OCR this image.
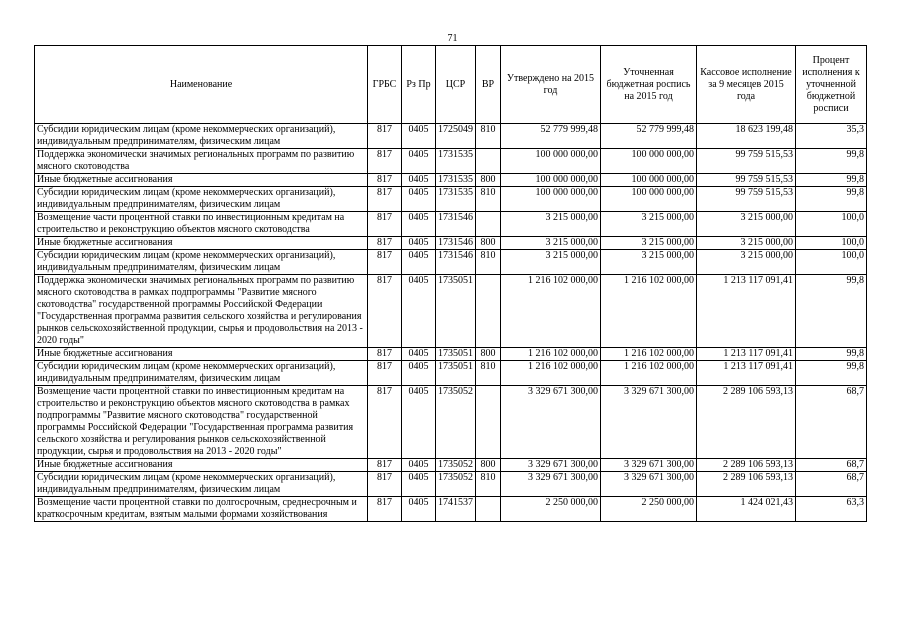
71
Наименование	ГРБС	Рз Пр	ЦСР	ВР	Утверждено на 2015 год	Уточненная бюджетная роспись на 2015 год	Кассовое исполнение за 9 месяцев 2015 года	Процент исполнения к уточненной бюджетной росписи
Субсидии юридическим лицам (кроме некоммерческих организаций), индивидуальным предпринимателям, физическим лицам	817	0405	1725049	810	52 779 999,48	52 779 999,48	18 623 199,48	35,3
Поддержка экономически значимых региональных программ по развитию мясного скотоводства	817	0405	1731535		100 000 000,00	100 000 000,00	99 759 515,53	99,8
Иные бюджетные ассигнования	817	0405	1731535	800	100 000 000,00	100 000 000,00	99 759 515,53	99,8
Субсидии юридическим лицам (кроме некоммерческих организаций), индивидуальным предпринимателям, физическим лицам	817	0405	1731535	810	100 000 000,00	100 000 000,00	99 759 515,53	99,8
Возмещение части процентной ставки по инвестиционным кредитам на строительство и реконструкцию объектов мясного скотоводства	817	0405	1731546		3 215 000,00	3 215 000,00	3 215 000,00	100,0
Иные бюджетные ассигнования	817	0405	1731546	800	3 215 000,00	3 215 000,00	3 215 000,00	100,0
Субсидии юридическим лицам (кроме некоммерческих организаций), индивидуальным предпринимателям, физическим лицам	817	0405	1731546	810	3 215 000,00	3 215 000,00	3 215 000,00	100,0
Поддержка экономически значимых региональных программ по развитию мясного скотоводства в рамках подпрограммы "Развитие мясного скотоводства" государственной программы Российской Федерации "Государственная программа развития сельского хозяйства и регулирования рынков сельскохозяйственной продукции, сырья и продовольствия на 2013 - 2020 годы"	817	0405	1735051		1 216 102 000,00	1 216 102 000,00	1 213 117 091,41	99,8
Иные бюджетные ассигнования	817	0405	1735051	800	1 216 102 000,00	1 216 102 000,00	1 213 117 091,41	99,8
Субсидии юридическим лицам (кроме некоммерческих организаций), индивидуальным предпринимателям, физическим лицам	817	0405	1735051	810	1 216 102 000,00	1 216 102 000,00	1 213 117 091,41	99,8
Возмещение части процентной ставки по инвестиционным кредитам на строительство и реконструкцию объектов мясного скотоводства в рамках подпрограммы "Развитие мясного скотоводства" государственной программы Российской Федерации "Государственная программа развития сельского хозяйства и регулирования рынков сельскохозяйственной продукции, сырья и продовольствия на 2013 - 2020 годы"	817	0405	1735052		3 329 671 300,00	3 329 671 300,00	2 289 106 593,13	68,7
Иные бюджетные ассигнования	817	0405	1735052	800	3 329 671 300,00	3 329 671 300,00	2 289 106 593,13	68,7
Субсидии юридическим лицам (кроме некоммерческих организаций), индивидуальным предпринимателям, физическим лицам	817	0405	1735052	810	3 329 671 300,00	3 329 671 300,00	2 289 106 593,13	68,7
Возмещение части процентной ставки по долгосрочным, среднесрочным и краткосрочным кредитам, взятым малыми формами хозяйствования	817	0405	1741537		2 250 000,00	2 250 000,00	1 424 021,43	63,3
